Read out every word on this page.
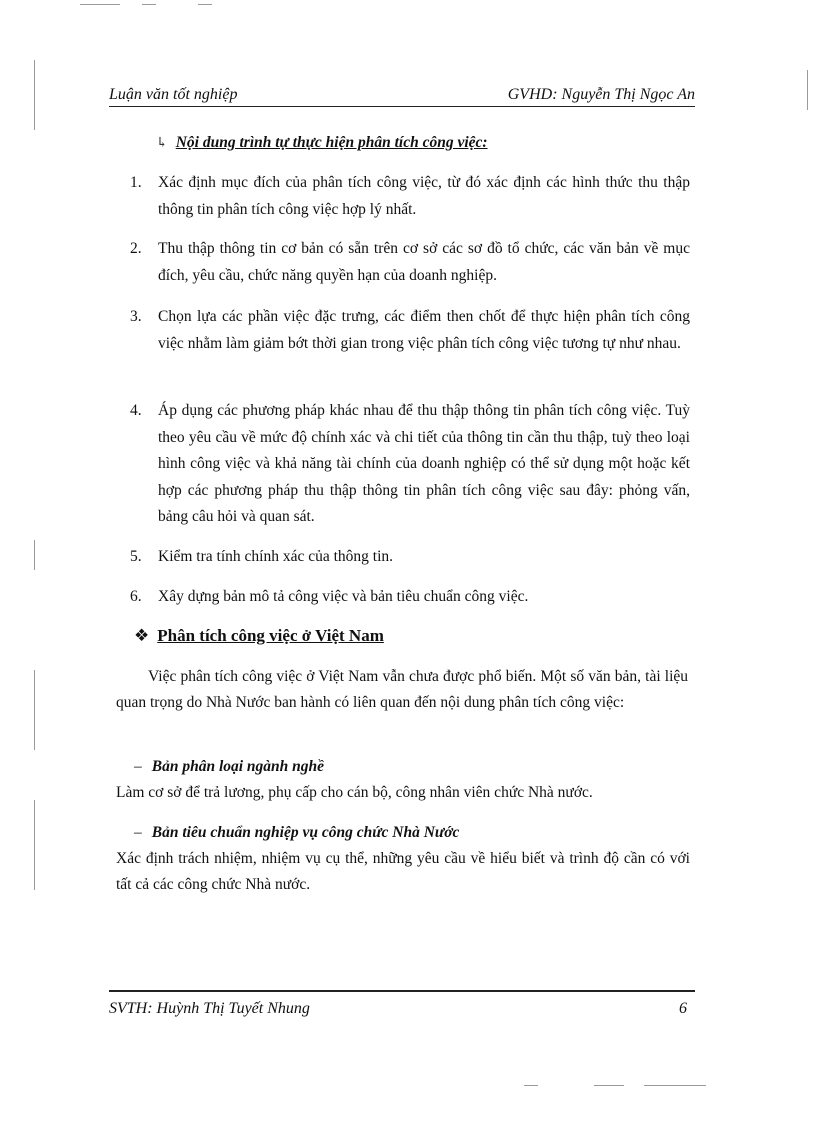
Luận văn tốt nghiệp	GVHD: Nguyễn Thị Ngọc An
↳ Nội dung trình tự thực hiện phân tích công việc:
1.	Xác định mục đích của phân tích công việc, từ đó xác định các hình thức thu thập thông tin phân tích công việc hợp lý nhất.
2.	Thu thập thông tin cơ bản có sẵn trên cơ sở các sơ đồ tổ chức, các văn bản về mục đích, yêu cầu, chức năng quyền hạn của doanh nghiệp.
3.	Chọn lựa các phần việc đặc trưng, các điểm then chốt để thực hiện phân tích công việc nhằm làm giảm bớt thời gian trong việc phân tích công việc tương tự như nhau.
4.	Áp dụng các phương pháp khác nhau để thu thập thông tin phân tích công việc. Tuỳ theo yêu cầu về mức độ chính xác và chi tiết của thông tin cần thu thập, tuỳ theo loại hình công việc và khả năng tài chính của doanh nghiệp có thể sử dụng một hoặc kết hợp các phương pháp thu thập thông tin phân tích công việc sau đây: phỏng vấn, bảng câu hỏi và quan sát.
5.	Kiểm tra tính chính xác của thông tin.
6.	Xây dựng bản mô tả công việc và bản tiêu chuẩn công việc.
❖ Phân tích công việc ở Việt Nam
Việc phân tích công việc ở Việt Nam vẫn chưa được phổ biến. Một số văn bản, tài liệu quan trọng do Nhà Nước ban hành có liên quan đến nội dung phân tích công việc:
– Bản phân loại ngành nghề
Làm cơ sở để trả lương, phụ cấp cho cán bộ, công nhân viên chức Nhà nước.
– Bản tiêu chuẩn nghiệp vụ công chức Nhà Nước
Xác định trách nhiệm, nhiệm vụ cụ thể, những yêu cầu về hiểu biết và trình độ cần có với tất cả các công chức Nhà nước.
SVTH: Huỳnh Thị Tuyết Nhung	6
